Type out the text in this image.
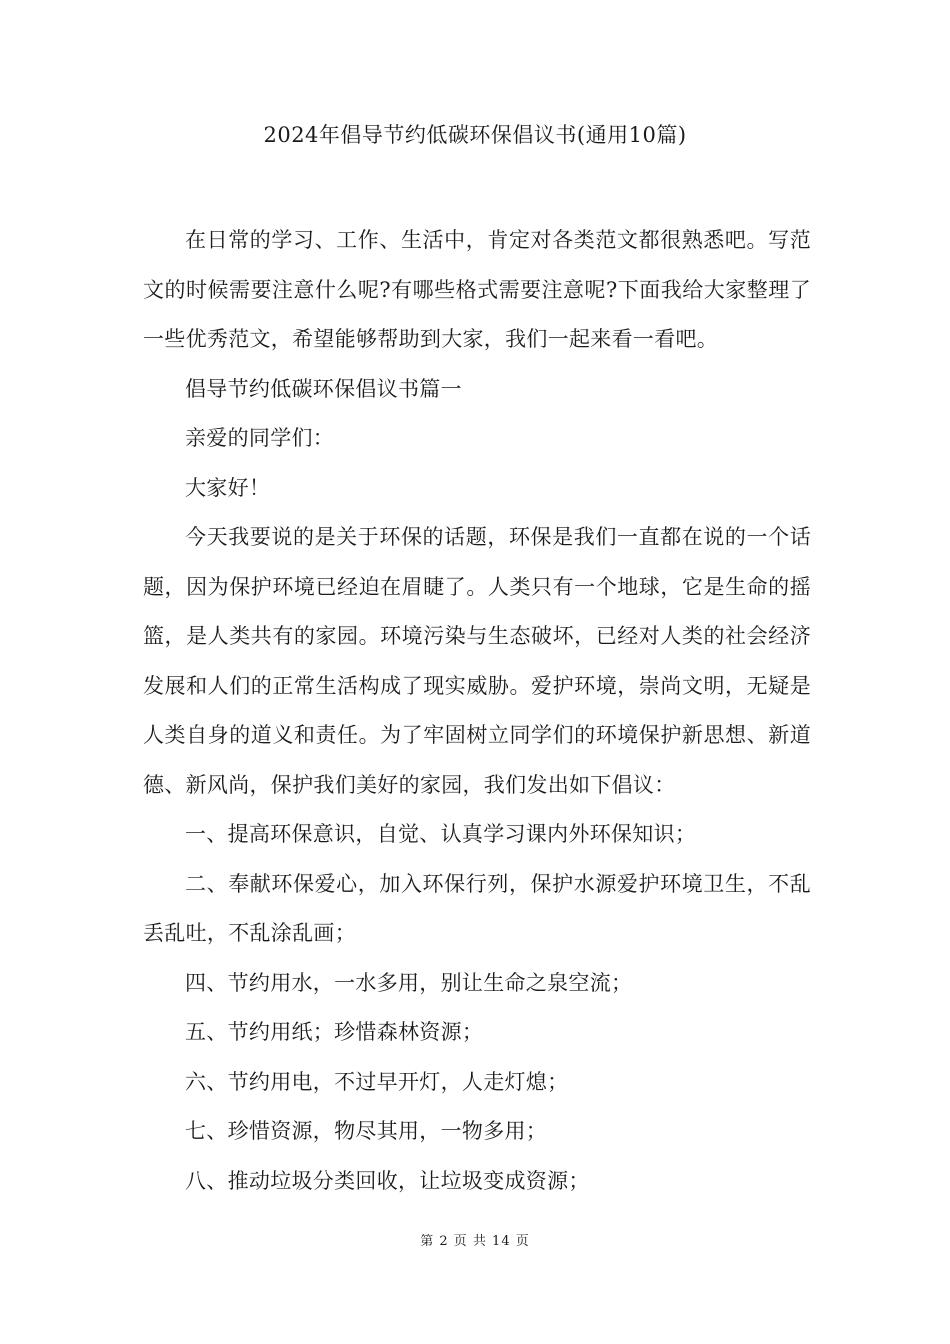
2024年倡导节约低碳环保倡议书(通用10篇)

在日常的学习、工作、生活中，肯定对各类范文都很熟悉吧。写范文的时候需要注意什么呢?有哪些格式需要注意呢?下面我给大家整理了一些优秀范文，希望能够帮助到大家，我们一起来看一看吧。

倡导节约低碳环保倡议书篇一

亲爱的同学们：

大家好！

今天我要说的是关于环保的话题，环保是我们一直都在说的一个话题，因为保护环境已经迫在眉睫了。人类只有一个地球，它是生命的摇篮，是人类共有的家园。环境污染与生态破坏，已经对人类的社会经济发展和人们的正常生活构成了现实威胁。爱护环境，崇尚文明，无疑是人类自身的道义和责任。为了牢固树立同学们的环境保护新思想、新道德、新风尚，保护我们美好的家园，我们发出如下倡议：

一、提高环保意识，自觉、认真学习课内外环保知识；

二、奉献环保爱心，加入环保行列，保护水源爱护环境卫生，不乱丢乱吐，不乱涂乱画；

四、节约用水，一水多用，别让生命之泉空流；

五、节约用纸；珍惜森林资源；

六、节约用电，不过早开灯，人走灯熄；

七、珍惜资源，物尽其用，一物多用；

八、推动垃圾分类回收，让垃圾变成资源；

第 2 页 共 14 页
